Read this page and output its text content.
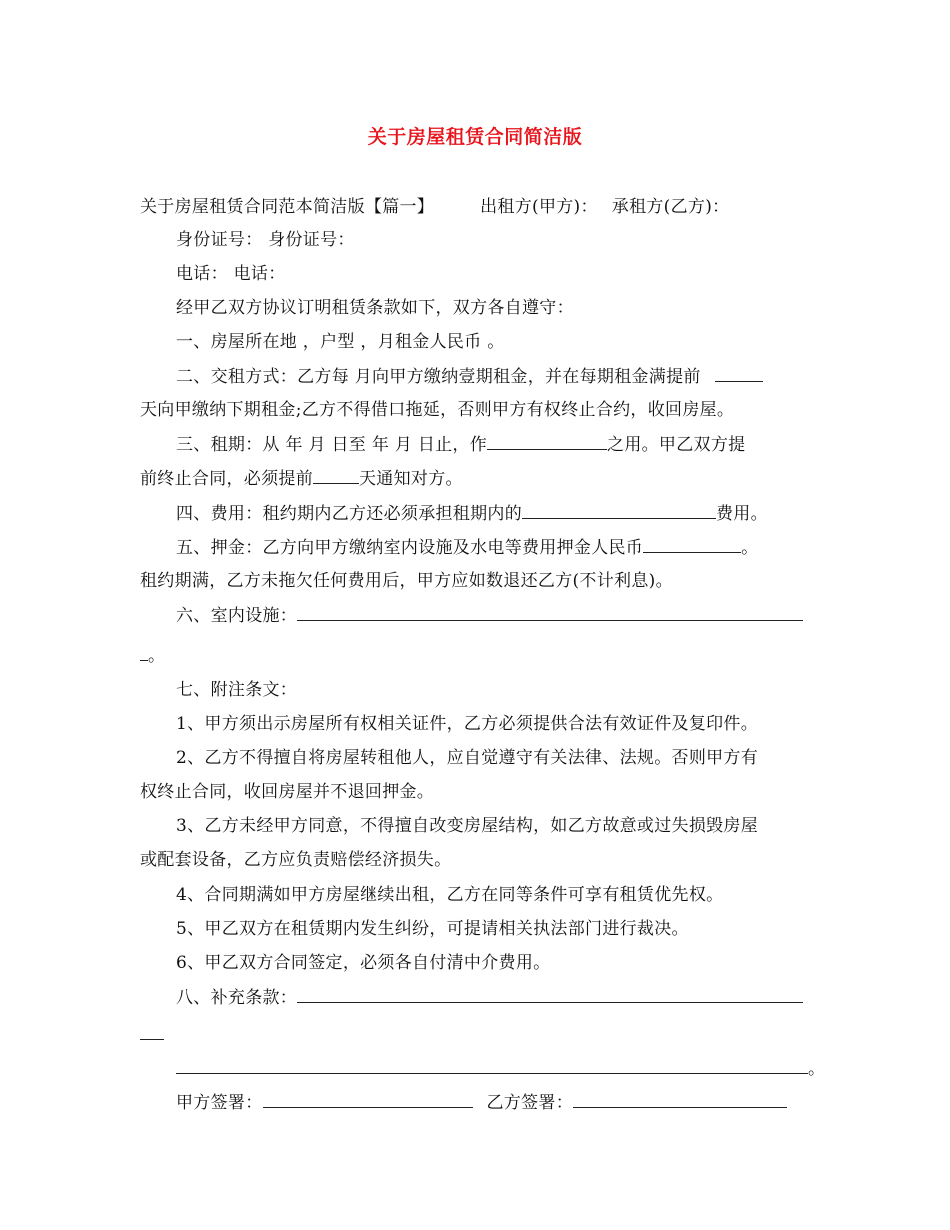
关于房屋租赁合同简洁版
关于房屋租赁合同范本简洁版【篇一】	出租方(甲方)： 承租方(乙方)：
身份证号： 身份证号：
电话： 电话：
经甲乙双方协议订明租赁条款如下，双方各自遵守：
一、房屋所在地 ，户型 ，月租金人民币 。
二、交租方式：乙方每 月向甲方缴纳壹期租金，并在每期租金满提前
天向甲缴纳下期租金;乙方不得借口拖延，否则甲方有权终止合约，收回房屋。
三、租期：从 年 月 日至 年 月 日止，作	之用。甲乙双方提
前终止合同，必须提前	天通知对方。
四、费用：租约期内乙方还必须承担租期内的	费用。
五、押金：乙方向甲方缴纳室内设施及水电等费用押金人民币	。
租约期满，乙方未拖欠任何费用后，甲方应如数退还乙方(不计利息)。
六、室内设施：
。
七、附注条文：
1、甲方须出示房屋所有权相关证件，乙方必须提供合法有效证件及复印件。
2、乙方不得擅自将房屋转租他人，应自觉遵守有关法律、法规。否则甲方有
权终止合同，收回房屋并不退回押金。
3、乙方未经甲方同意，不得擅自改变房屋结构，如乙方故意或过失损毁房屋
或配套设备，乙方应负责赔偿经济损失。
4、合同期满如甲方房屋继续出租，乙方在同等条件可享有租赁优先权。
5、甲乙双方在租赁期内发生纠纷，可提请相关执法部门进行裁决。
6、甲乙双方合同签定，必须各自付清中介费用。
八、补充条款：
。
甲方签署：	乙方签署：
